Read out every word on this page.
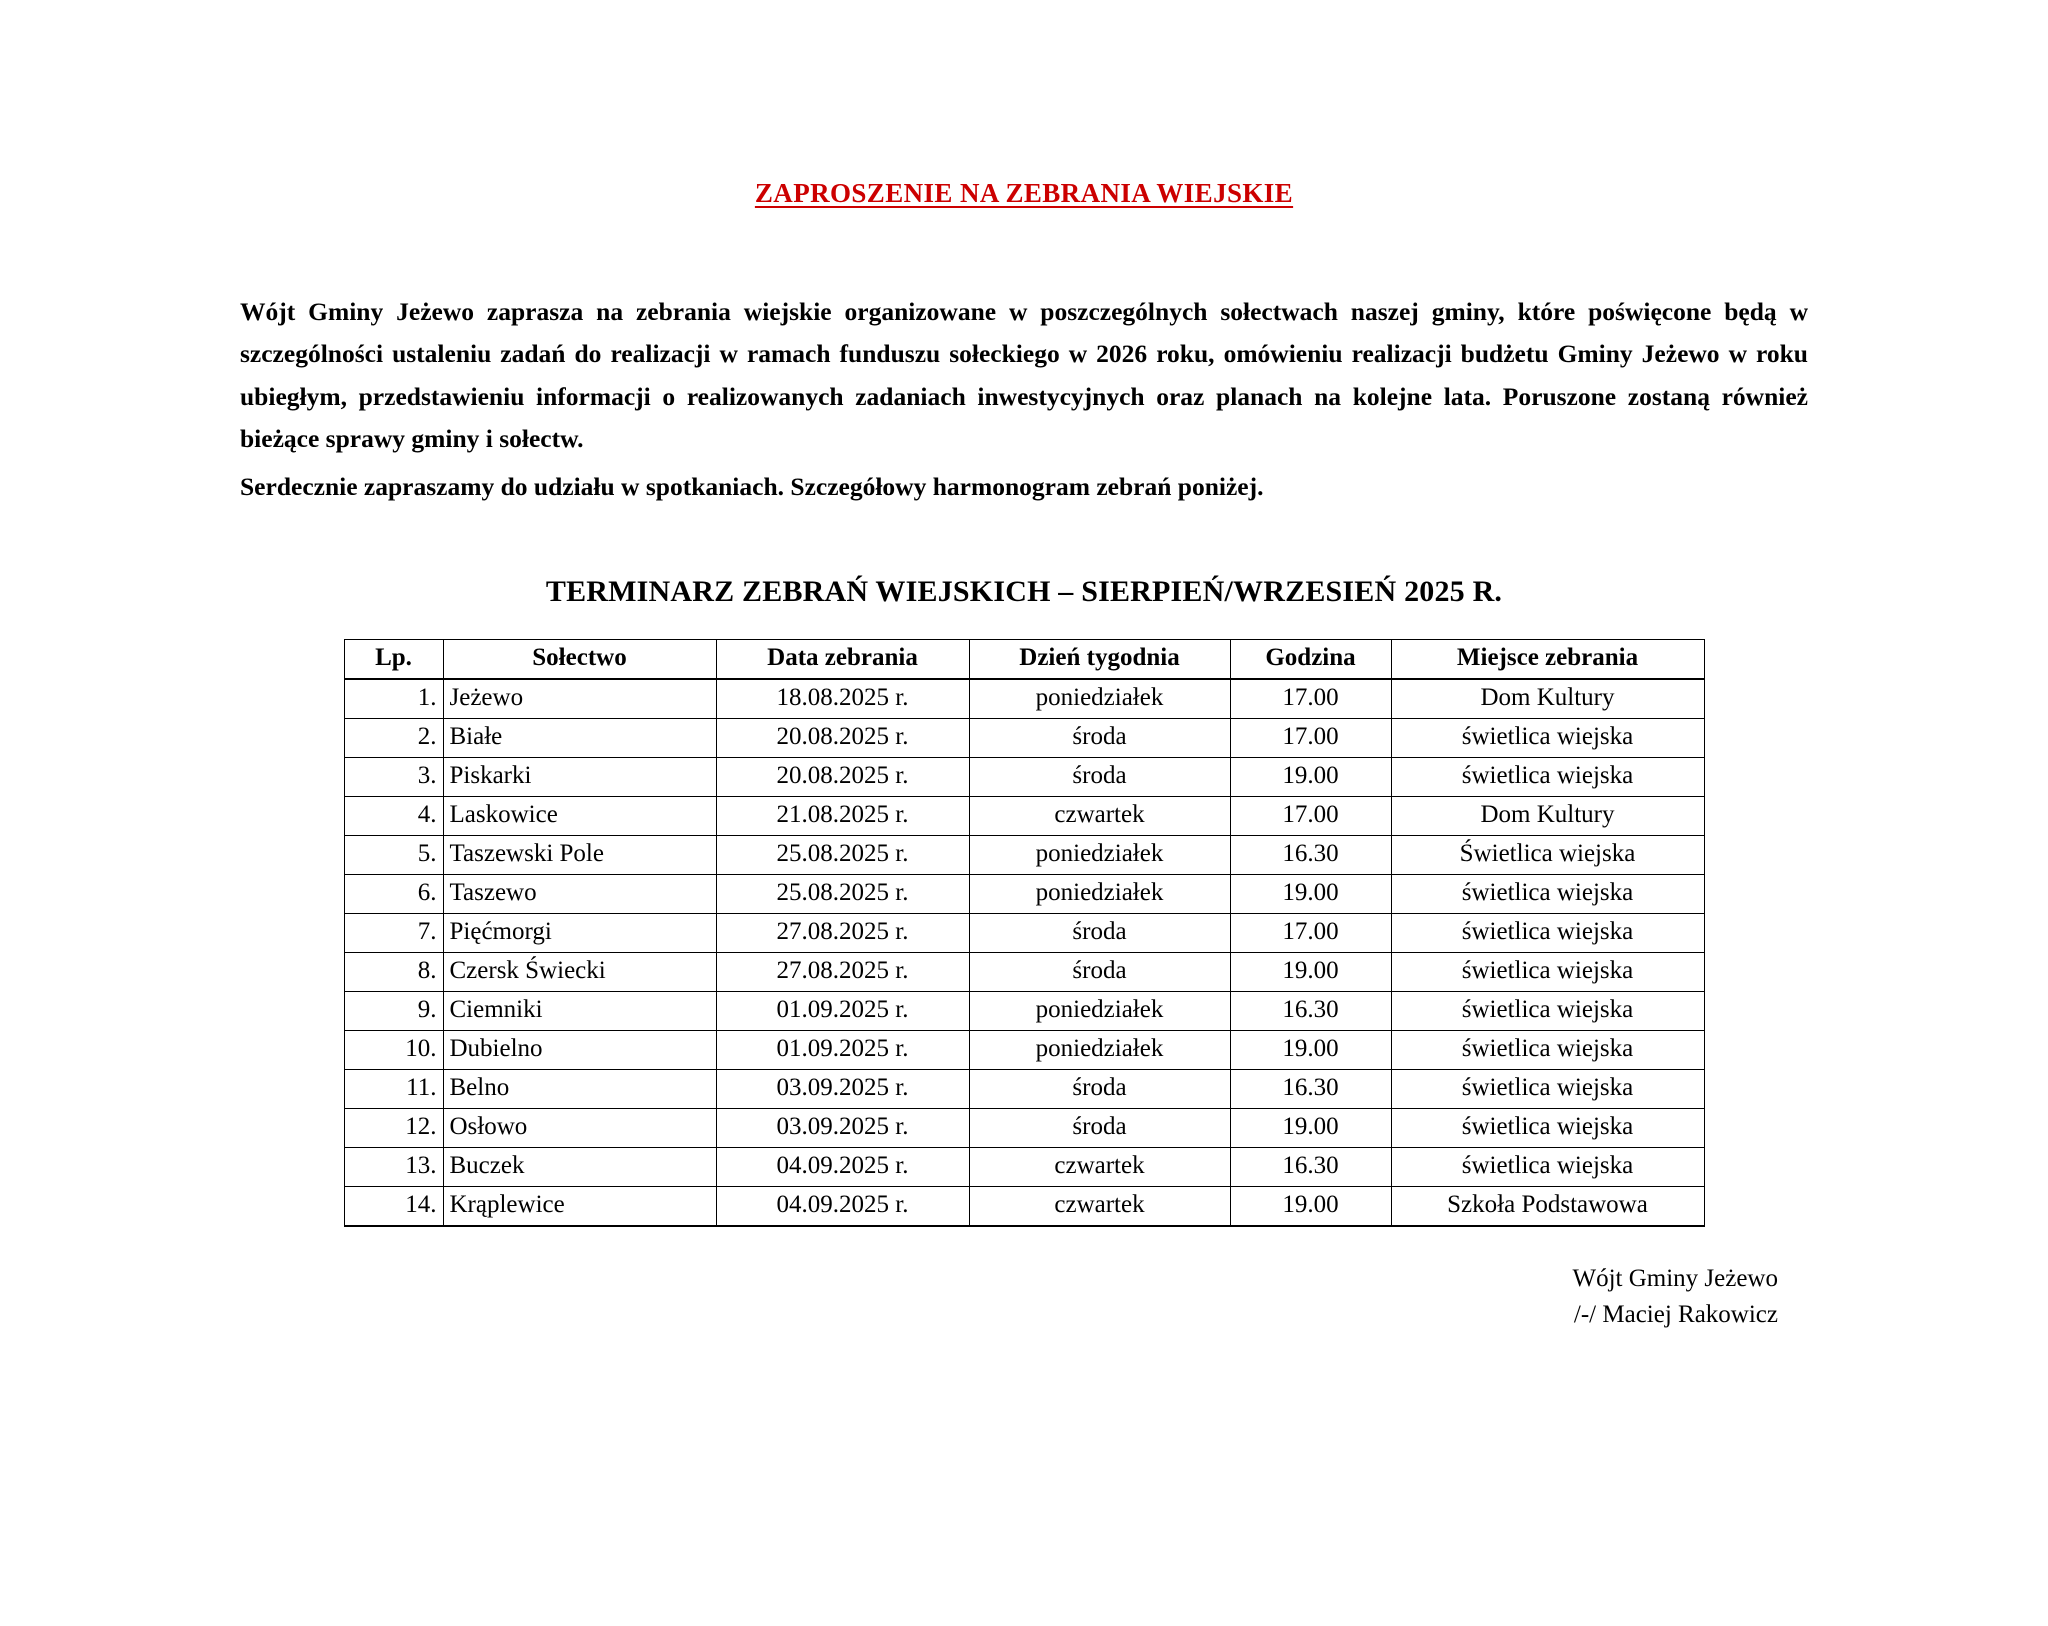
ZAPROSZENIE NA ZEBRANIA WIEJSKIE

Wójt Gminy Jeżewo zaprasza na zebrania wiejskie organizowane w poszczególnych sołectwach naszej gminy, które poświęcone będą w szczególności ustaleniu zadań do realizacji w ramach funduszu sołeckiego w 2026 roku, omówieniu realizacji budżetu Gminy Jeżewo w roku ubiegłym, przedstawieniu informacji o realizowanych zadaniach inwestycyjnych oraz planach na kolejne lata. Poruszone zostaną również bieżące sprawy gminy i sołectw.

Serdecznie zapraszamy do udziału w spotkaniach. Szczegółowy harmonogram zebrań poniżej.

TERMINARZ ZEBRAŃ WIEJSKICH – SIERPIEŃ/WRZESIEŃ 2025 R.
Lp.	Sołectwo	Data zebrania	Dzień tygodnia	Godzina	Miejsce zebrania
1.	Jeżewo	18.08.2025 r.	poniedziałek	17.00	Dom Kultury
2.	Białe	20.08.2025 r.	środa	17.00	świetlica wiejska
3.	Piskarki	20.08.2025 r.	środa	19.00	świetlica wiejska
4.	Laskowice	21.08.2025 r.	czwartek	17.00	Dom Kultury
5.	Taszewski Pole	25.08.2025 r.	poniedziałek	16.30	Świetlica wiejska
6.	Taszewo	25.08.2025 r.	poniedziałek	19.00	świetlica wiejska
7.	Pięćmorgi	27.08.2025 r.	środa	17.00	świetlica wiejska
8.	Czersk Świecki	27.08.2025 r.	środa	19.00	świetlica wiejska
9.	Ciemniki	01.09.2025 r.	poniedziałek	16.30	świetlica wiejska
10.	Dubielno	01.09.2025 r.	poniedziałek	19.00	świetlica wiejska
11.	Belno	03.09.2025 r.	środa	16.30	świetlica wiejska
12.	Osłowo	03.09.2025 r.	środa	19.00	świetlica wiejska
13.	Buczek	04.09.2025 r.	czwartek	16.30	świetlica wiejska
14.	Krąplewice	04.09.2025 r.	czwartek	19.00	Szkoła Podstawowa
Wójt Gminy Jeżewo
/-/ Maciej Rakowicz
